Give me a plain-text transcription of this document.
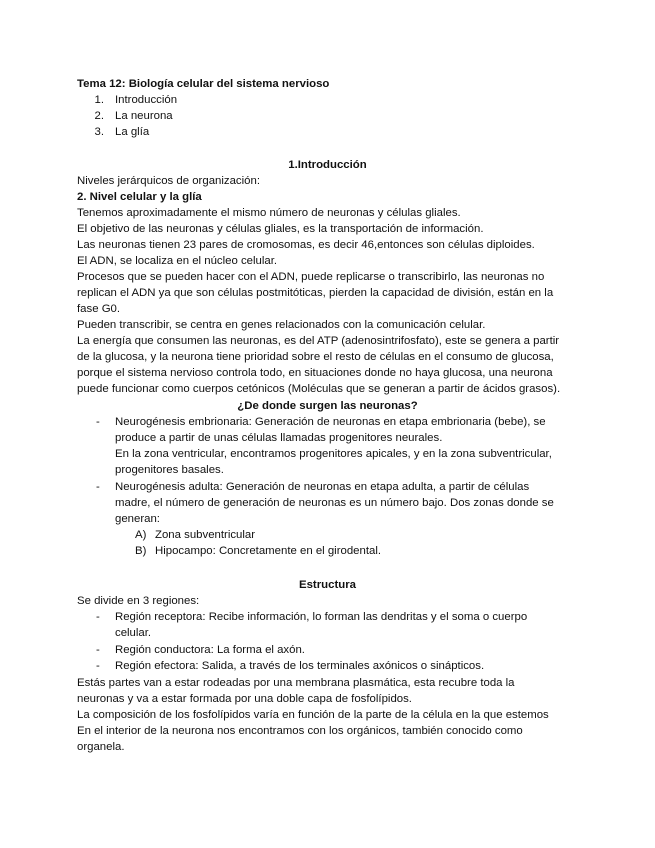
Tema 12: Biología celular del sistema nervioso
1. Introducción
2. La neurona
3. La glía
1.Introducción
Niveles jerárquicos de organización:
2. Nivel celular y la glía
Tenemos aproximadamente el mismo número de neuronas y células gliales.
El objetivo de las neuronas y células gliales, es la transportación de información.
Las neuronas tienen 23 pares de cromosomas, es decir 46,entonces son células diploides.
El ADN, se localiza en el núcleo celular.
Procesos que se pueden hacer con el ADN, puede replicarse o transcribirlo, las neuronas no
replican el ADN ya que son células postmitóticas, pierden la capacidad de división, están en la
fase G0.
Pueden transcribir, se centra en genes relacionados con la comunicación celular.
La energía que consumen las neuronas, es del ATP (adenosintrifosfato), este se genera a partir
de la glucosa, y la neurona tiene prioridad sobre el resto de células en el consumo de glucosa,
porque el sistema nervioso controla todo, en situaciones donde no haya glucosa, una neurona
puede funcionar como cuerpos cetónicos (Moléculas que se generan a partir de ácidos grasos).
¿De donde surgen las neuronas?
- Neurogénesis embrionaria: Generación de neuronas en etapa embrionaria (bebe), se
produce a partir de unas células llamadas progenitores neurales.
En la zona ventricular, encontramos progenitores apicales, y en la zona subventricular,
progenitores basales.
- Neurogénesis adulta: Generación de neuronas en etapa adulta, a partir de células
madre, el número de generación de neuronas es un número bajo. Dos zonas donde se
generan:
A) Zona subventricular
B) Hipocampo: Concretamente en el girodental.
Estructura
Se divide en 3 regiones:
- Región receptora: Recibe información, lo forman las dendritas y el soma o cuerpo
celular.
- Región conductora: La forma el axón.
- Región efectora: Salida, a través de los terminales axónicos o sinápticos.
Estás partes van a estar rodeadas por una membrana plasmática, esta recubre toda la
neuronas y va a estar formada por una doble capa de fosfolípidos.
La composición de los fosfolípidos varía en función de la parte de la célula en la que estemos
En el interior de la neurona nos encontramos con los orgánicos, también conocido como
organela.
